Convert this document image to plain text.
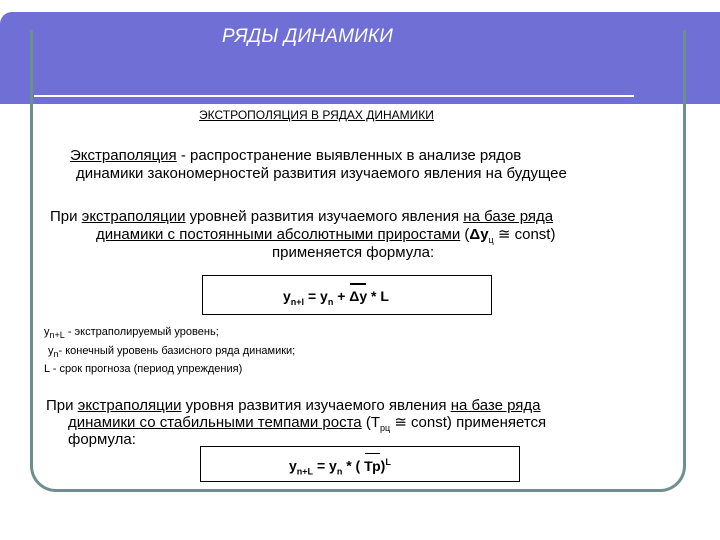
РЯДЫ ДИНАМИКИ
ЭКСТРОПОЛЯЦИЯ В РЯДАХ ДИНАМИКИ
Экстраполяция - распространение выявленных в анализе рядов
динамики закономерностей развития изучаемого явления на будущее
При экстраполяции уровней развития изучаемого явления на базе ряда
динамики с постоянными абсолютными приростами ($\Delta y_ц$ ≅ const)
применяется формула:
$y_{n+l} = y_n + \Delta y * L$
$y_{n+L}$ - экстраполируемый уровень;
$y_n-$ конечный уровень базисного ряда динамики;
L - срок прогноза (период упреждения)
При экстраполяции уровня развития изучаемого явления на базе ряда
динамики со стабильными темпами роста ($Т_{рц}$ ≅ const) применяется
формула:
$y_{n+L} = y_n$ * ( Тр)$^L$
